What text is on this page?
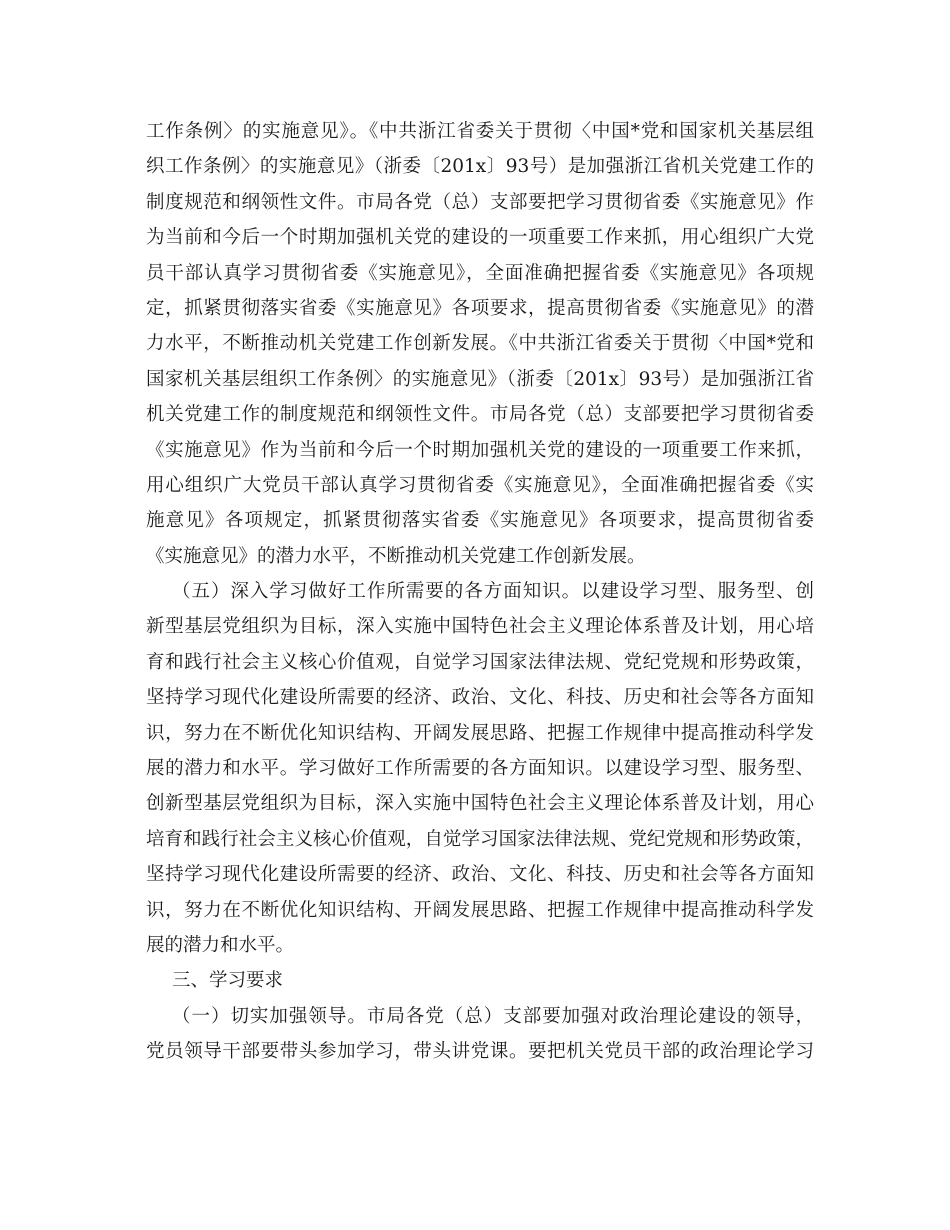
工作条例〉的实施意见》。《中共浙江省委关于贯彻〈中国*党和国家机关基层组
织工作条例〉的实施意见》（浙委〔201x〕93号）是加强浙江省机关党建工作的
制度规范和纲领性文件。市局各党（总）支部要把学习贯彻省委《实施意见》作
为当前和今后一个时期加强机关党的建设的一项重要工作来抓，用心组织广大党
员干部认真学习贯彻省委《实施意见》，全面准确把握省委《实施意见》各项规
定，抓紧贯彻落实省委《实施意见》各项要求，提高贯彻省委《实施意见》的潜
力水平，不断推动机关党建工作创新发展。《中共浙江省委关于贯彻〈中国*党和
国家机关基层组织工作条例〉的实施意见》（浙委〔201x〕93号）是加强浙江省
机关党建工作的制度规范和纲领性文件。市局各党（总）支部要把学习贯彻省委
《实施意见》作为当前和今后一个时期加强机关党的建设的一项重要工作来抓，
用心组织广大党员干部认真学习贯彻省委《实施意见》，全面准确把握省委《实
施意见》各项规定，抓紧贯彻落实省委《实施意见》各项要求，提高贯彻省委
《实施意见》的潜力水平，不断推动机关党建工作创新发展。
（五）深入学习做好工作所需要的各方面知识。以建设学习型、服务型、创
新型基层党组织为目标，深入实施中国特色社会主义理论体系普及计划，用心培
育和践行社会主义核心价值观，自觉学习国家法律法规、党纪党规和形势政策，
坚持学习现代化建设所需要的经济、政治、文化、科技、历史和社会等各方面知
识，努力在不断优化知识结构、开阔发展思路、把握工作规律中提高推动科学发
展的潜力和水平。学习做好工作所需要的各方面知识。以建设学习型、服务型、
创新型基层党组织为目标，深入实施中国特色社会主义理论体系普及计划，用心
培育和践行社会主义核心价值观，自觉学习国家法律法规、党纪党规和形势政策，
坚持学习现代化建设所需要的经济、政治、文化、科技、历史和社会等各方面知
识，努力在不断优化知识结构、开阔发展思路、把握工作规律中提高推动科学发
展的潜力和水平。
三、学习要求
（一）切实加强领导。市局各党（总）支部要加强对政治理论建设的领导，
党员领导干部要带头参加学习，带头讲党课。要把机关党员干部的政治理论学习
